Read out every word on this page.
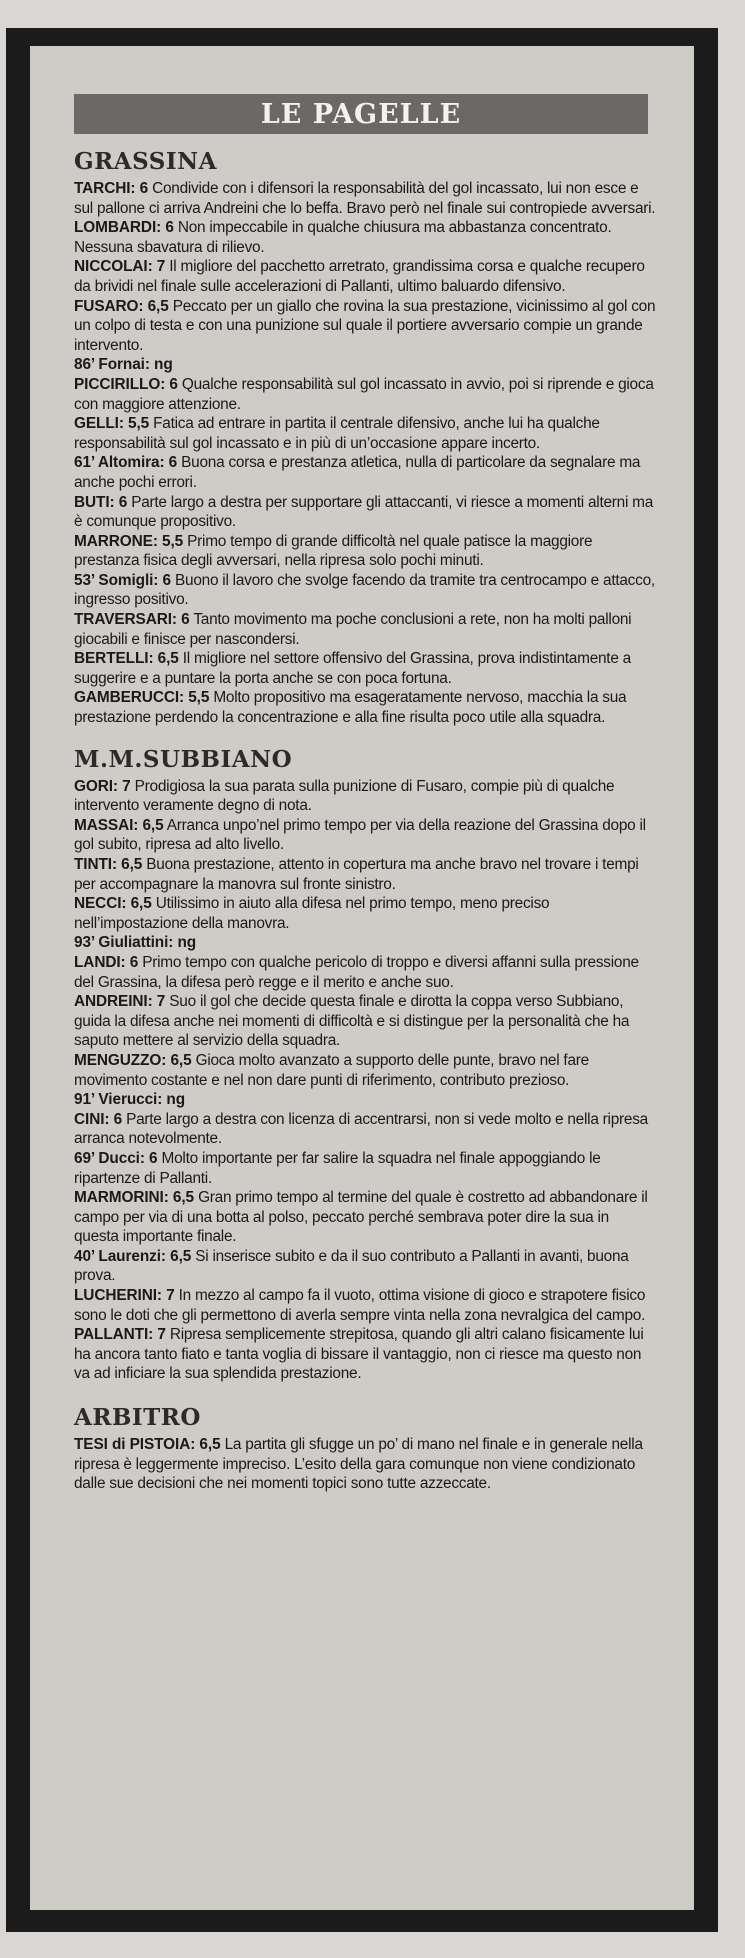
LE PAGELLE
GRASSINA

TARCHI: 6 Condivide con i difensori la responsabilità del gol incassato, lui non esce e sul pallone ci arriva Andreini che lo beffa. Bravo però nel finale sui contropiede avversari.

LOMBARDI: 6 Non impeccabile in qualche chiusura ma abbastanza concentrato. Nessuna sbavatura di rilievo.

NICCOLAI: 7 Il migliore del pacchetto arretrato, grandissima corsa e qualche recupero da brividi nel finale sulle accelerazioni di Pallanti, ultimo baluardo difensivo.

FUSARO: 6,5 Peccato per un giallo che rovina la sua prestazione, vicinissimo al gol con un colpo di testa e con una punizione sul quale il portiere avversario compie un grande intervento.

86’ Fornai: ng

PICCIRILLO: 6 Qualche responsabilità sul gol incassato in avvio, poi si riprende e gioca con maggiore attenzione.

GELLI: 5,5 Fatica ad entrare in partita il centrale difensivo, anche lui ha qualche responsabilità sul gol incassato e in più di un’occasione appare incerto.

61’ Altomira: 6 Buona corsa e prestanza atletica, nulla di particolare da segnalare ma anche pochi errori.

BUTI: 6 Parte largo a destra per supportare gli attaccanti, vi riesce a momenti alterni ma è comunque propositivo.

MARRONE: 5,5 Primo tempo di grande difficoltà nel quale patisce la maggiore prestanza fisica degli avversari, nella ripresa solo pochi minuti.

53’ Somigli: 6 Buono il lavoro che svolge facendo da tramite tra centrocampo e attacco, ingresso positivo.

TRAVERSARI: 6 Tanto movimento ma poche conclusioni a rete, non ha molti palloni giocabili e finisce per nascondersi.

BERTELLI: 6,5 Il migliore nel settore offensivo del Grassina, prova indistintamente a suggerire e a puntare la porta anche se con poca fortuna.

GAMBERUCCI: 5,5 Molto propositivo ma esageratamente nervoso, macchia la sua prestazione perdendo la concentrazione e alla fine risulta poco utile alla squadra.

M.M.SUBBIANO

GORI: 7 Prodigiosa la sua parata sulla punizione di Fusaro, compie più di qualche intervento veramente degno di nota.

MASSAI: 6,5 Arranca unpo’nel primo tempo per via della reazione del Grassina dopo il gol subito, ripresa ad alto livello.

TINTI: 6,5 Buona prestazione, attento in copertura ma anche bravo nel trovare i tempi per accompagnare la manovra sul fronte sinistro.

NECCI: 6,5 Utilissimo in aiuto alla difesa nel primo tempo, meno preciso nell’impostazione della manovra.

93’ Giuliattini: ng

LANDI: 6 Primo tempo con qualche pericolo di troppo e diversi affanni sulla pressione del Grassina, la difesa però regge e il merito e anche suo.

ANDREINI: 7 Suo il gol che decide questa finale e dirotta la coppa verso Subbiano, guida la difesa anche nei momenti di difficoltà e si distingue per la personalità che ha saputo mettere al servizio della squadra.

MENGUZZO: 6,5 Gioca molto avanzato a supporto delle punte, bravo nel fare movimento costante e nel non dare punti di riferimento, contributo prezioso.

91’ Vierucci: ng

CINI: 6 Parte largo a destra con licenza di accentrarsi, non si vede molto e nella ripresa arranca notevolmente.

69’ Ducci: 6 Molto importante per far salire la squadra nel finale appoggiando le ripartenze di Pallanti.

MARMORINI: 6,5 Gran primo tempo al termine del quale è costretto ad abbandonare il campo per via di una botta al polso, peccato perché sembrava poter dire la sua in questa importante finale.

40’ Laurenzi: 6,5 Si inserisce subito e da il suo contributo a Pallanti in avanti, buona prova.

LUCHERINI: 7 In mezzo al campo fa il vuoto, ottima visione di gioco e strapotere fisico sono le doti che gli permettono di averla sempre vinta nella zona nevralgica del campo.

PALLANTI: 7 Ripresa semplicemente strepitosa, quando gli altri calano fisicamente lui ha ancora tanto fiato e tanta voglia di bissare il vantaggio, non ci riesce ma questo non va ad inficiare la sua splendida prestazione.

ARBITRO

TESI di PISTOIA: 6,5 La partita gli sfugge un po’ di mano nel finale e in generale nella ripresa è leggermente impreciso. L’esito della gara comunque non viene condizionato dalle sue decisioni che nei momenti topici sono tutte azzeccate.
